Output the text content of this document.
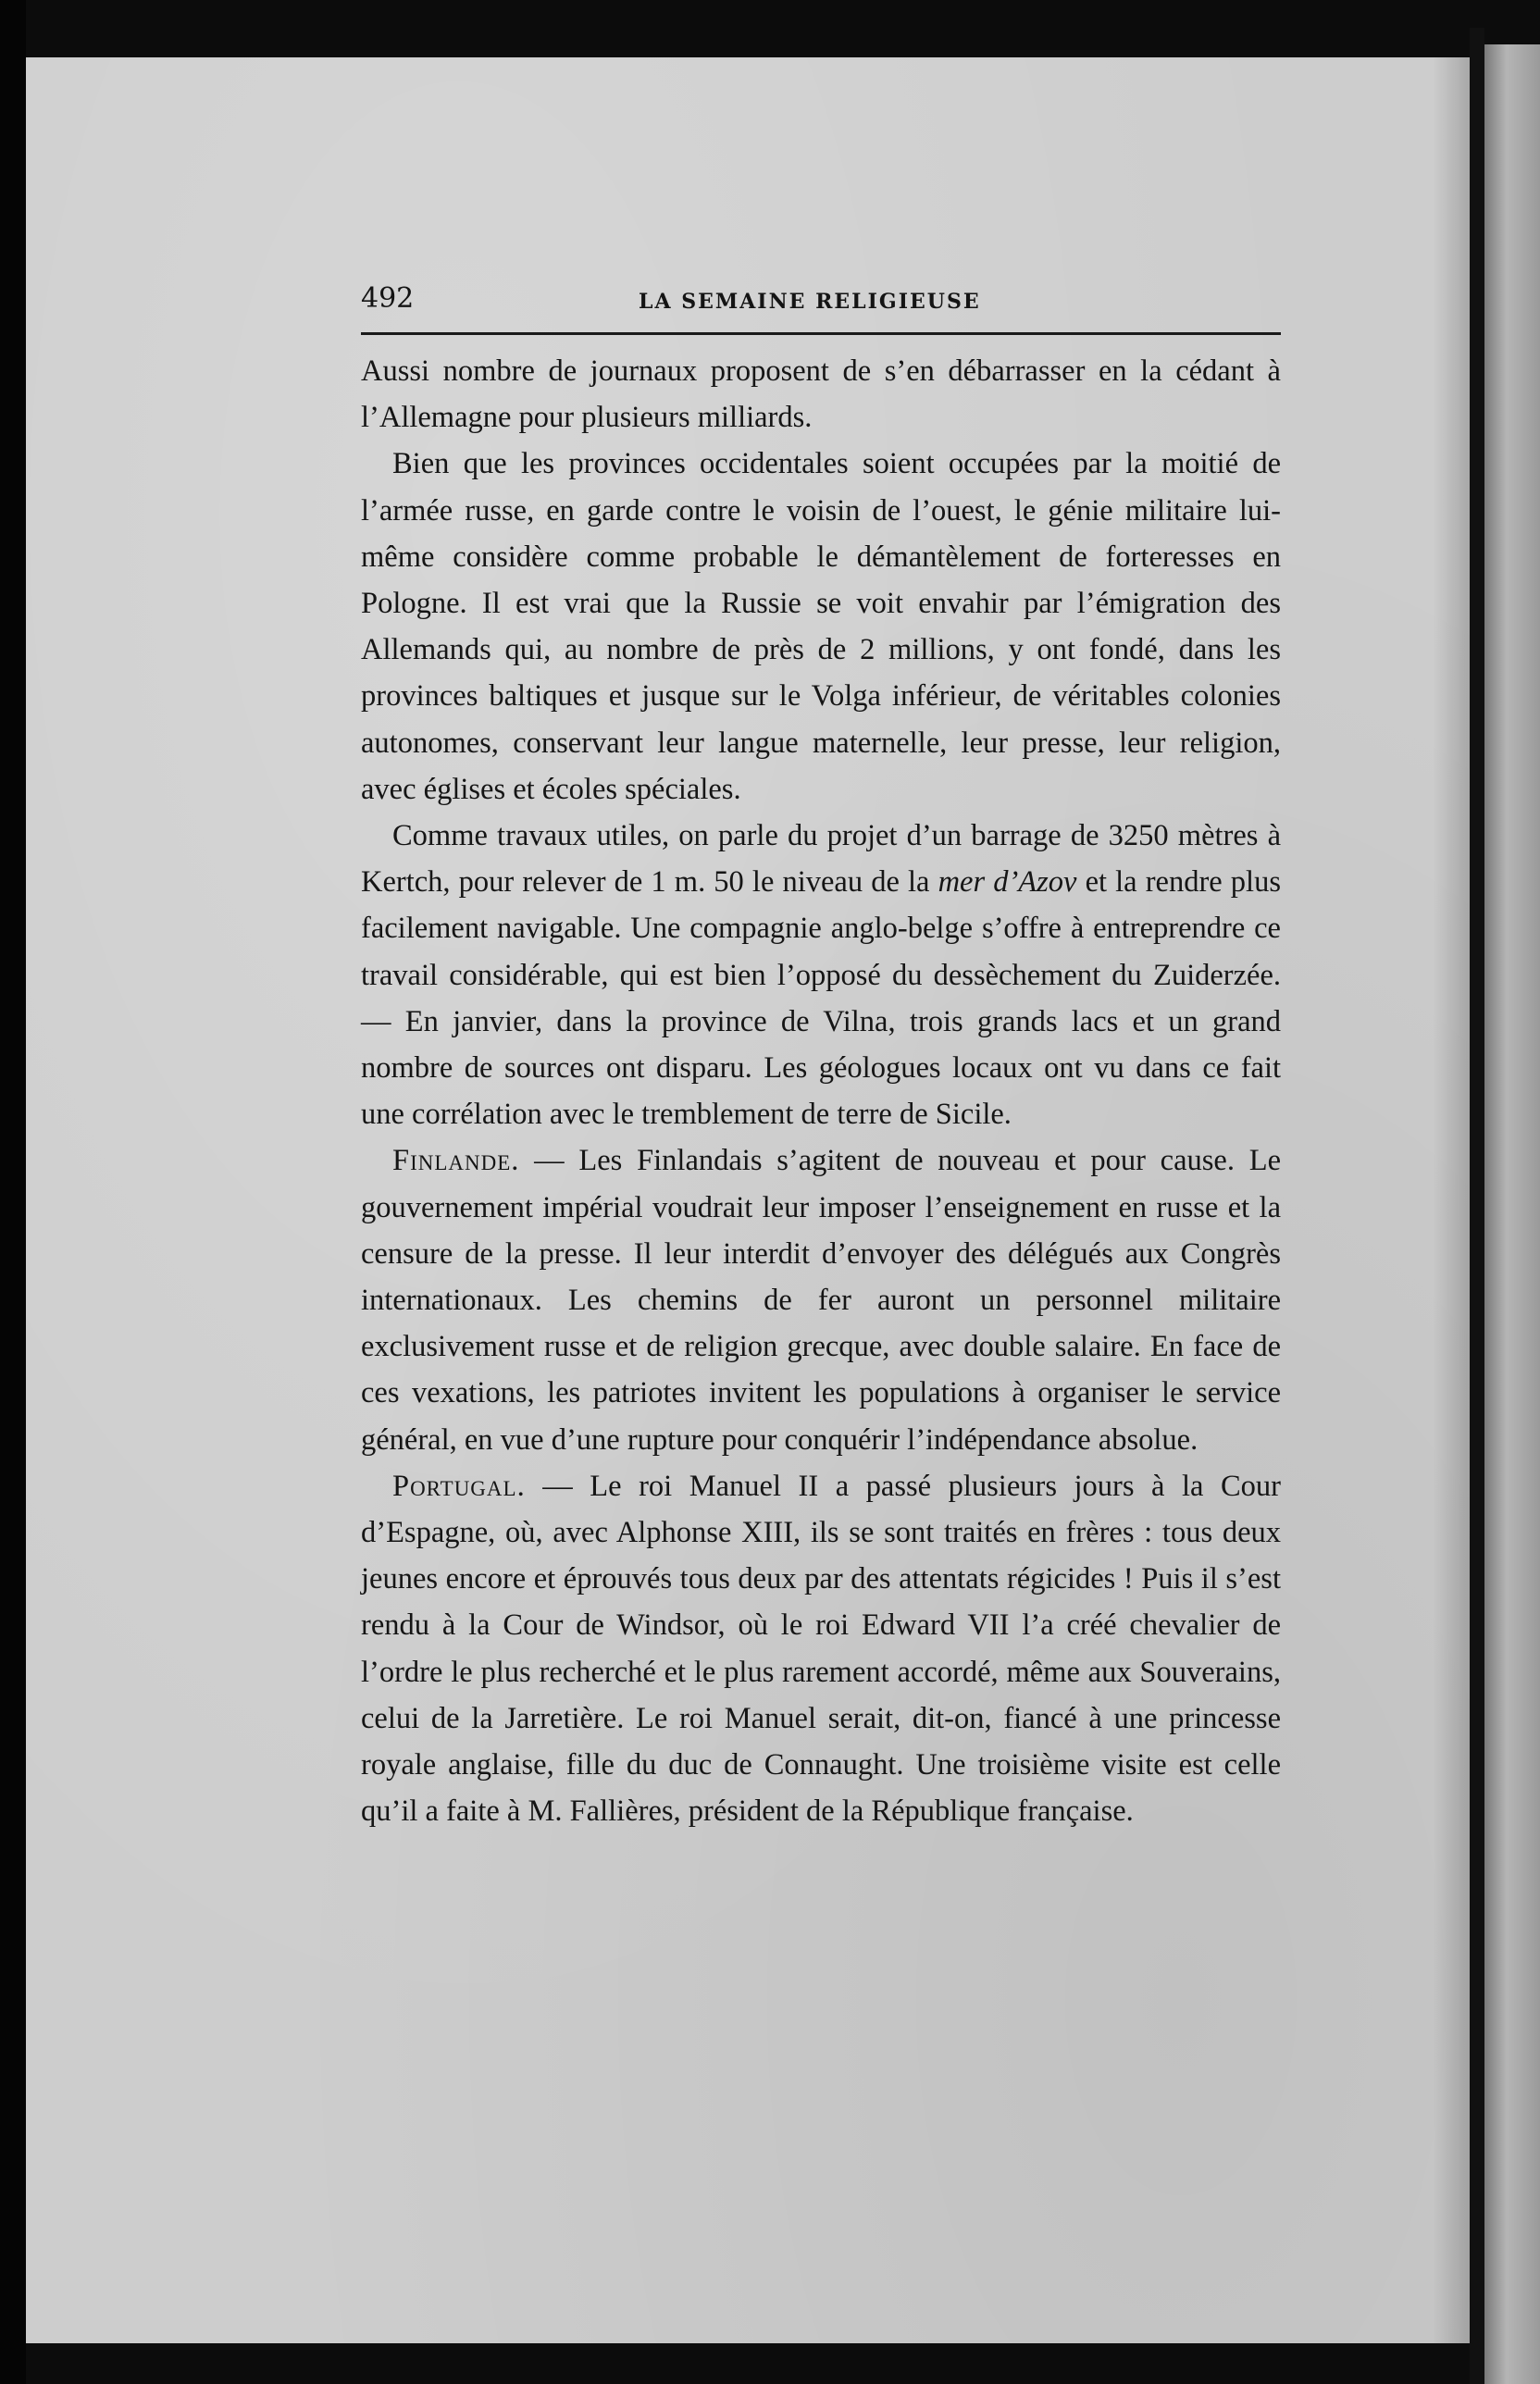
492	LA SEMAINE RELIGIEUSE

Aussi nombre de journaux proposent de s’en débarrasser en la cédant à l’Allemagne pour plusieurs milliards.

Bien que les provinces occidentales soient occupées par la moitié de l’armée russe, en garde contre le voisin de l’ouest, le génie militaire lui-même considère comme probable le démantèlement de forteresses en Pologne. Il est vrai que la Russie se voit envahir par l’émigration des Allemands qui, au nombre de près de 2 millions, y ont fondé, dans les provinces baltiques et jusque sur le Volga inférieur, de véritables colonies autonomes, conservant leur langue maternelle, leur presse, leur religion, avec églises et écoles spéciales.

Comme travaux utiles, on parle du projet d’un barrage de 3250 mètres à Kertch, pour relever de 1 m. 50 le niveau de la mer d’Azov et la rendre plus facilement navigable. Une compagnie anglo-belge s’offre à entreprendre ce travail considérable, qui est bien l’opposé du dessèchement du Zuiderzée. — En janvier, dans la province de Vilna, trois grands lacs et un grand nombre de sources ont disparu. Les géologues locaux ont vu dans ce fait une corrélation avec le tremblement de terre de Sicile.

Finlande. — Les Finlandais s’agitent de nouveau et pour cause. Le gouvernement impérial voudrait leur imposer l’enseignement en russe et la censure de la presse. Il leur interdit d’envoyer des délégués aux Congrès internationaux. Les chemins de fer auront un personnel militaire exclusivement russe et de religion grecque, avec double salaire. En face de ces vexations, les patriotes invitent les populations à organiser le service général, en vue d’une rupture pour conquérir l’indépendance absolue.

Portugal. — Le roi Manuel II a passé plusieurs jours à la Cour d’Espagne, où, avec Alphonse XIII, ils se sont traités en frères : tous deux jeunes encore et éprouvés tous deux par des attentats régicides ! Puis il s’est rendu à la Cour de Windsor, où le roi Edward VII l’a créé chevalier de l’ordre le plus recherché et le plus rarement accordé, même aux Souverains, celui de la Jarretière. Le roi Manuel serait, dit-on, fiancé à une princesse royale anglaise, fille du duc de Connaught. Une troisième visite est celle qu’il a faite à M. Fallières, président de la République française.
